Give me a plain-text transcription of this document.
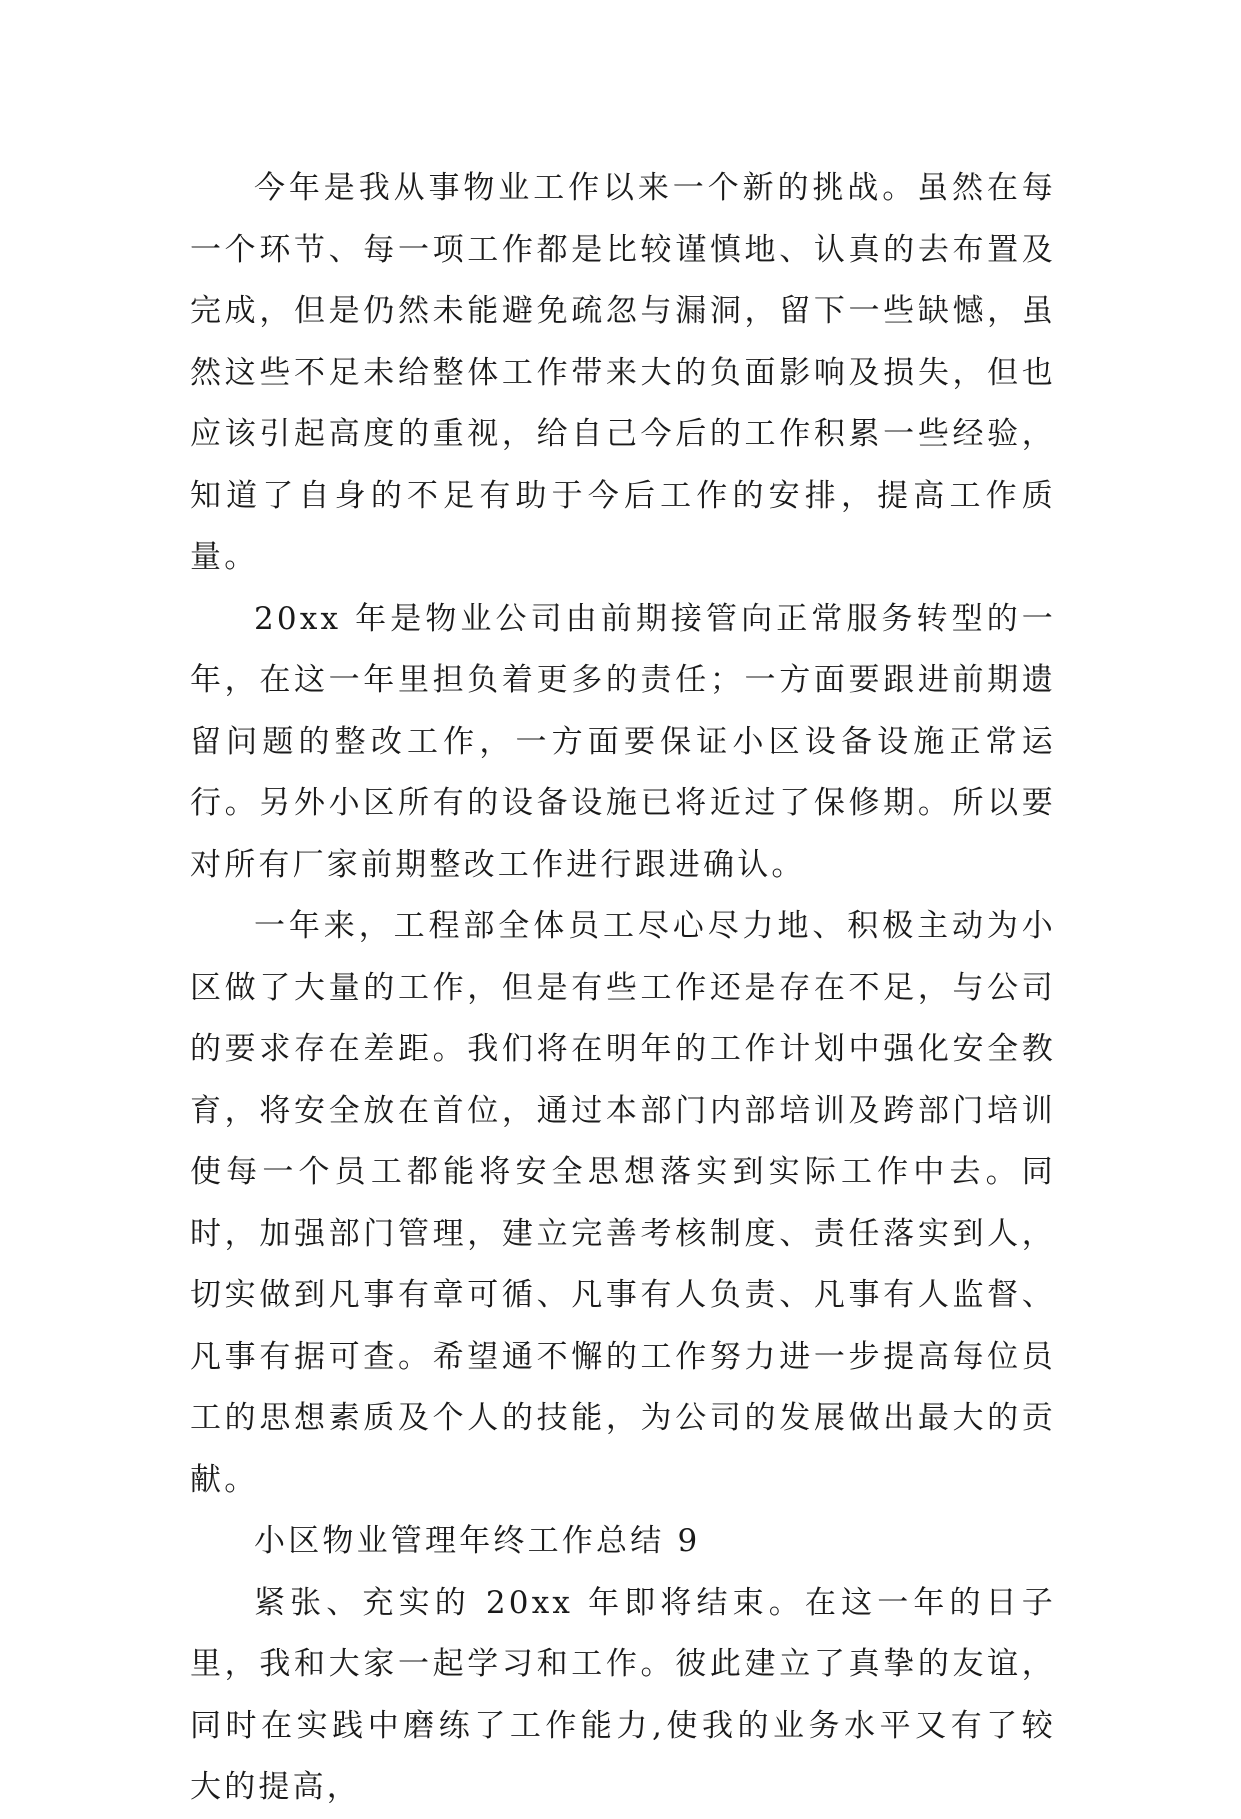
今年是我从事物业工作以来一个新的挑战。虽然在每一个环节、每一项工作都是比较谨慎地、认真的去布置及完成，但是仍然未能避免疏忽与漏洞，留下一些缺憾，虽然这些不足未给整体工作带来大的负面影响及损失，但也应该引起高度的重视，给自己今后的工作积累一些经验，知道了自身的不足有助于今后工作的安排，提高工作质量。

20xx 年是物业公司由前期接管向正常服务转型的一年，在这一年里担负着更多的责任；一方面要跟进前期遗留问题的整改工作，一方面要保证小区设备设施正常运行。另外小区所有的设备设施已将近过了保修期。所以要对所有厂家前期整改工作进行跟进确认。

一年来，工程部全体员工尽心尽力地、积极主动为小区做了大量的工作，但是有些工作还是存在不足，与公司的要求存在差距。我们将在明年的工作计划中强化安全教育，将安全放在首位，通过本部门内部培训及跨部门培训使每一个员工都能将安全思想落实到实际工作中去。同时，加强部门管理，建立完善考核制度、责任落实到人，切实做到凡事有章可循、凡事有人负责、凡事有人监督、凡事有据可查。希望通不懈的工作努力进一步提高每位员工的思想素质及个人的技能，为公司的发展做出最大的贡献。

小区物业管理年终工作总结 9

紧张、充实的 20xx 年即将结束。在这一年的日子里，我和大家一起学习和工作。彼此建立了真挚的友谊，同时在实践中磨练了工作能力,使我的业务水平又有了较大的提高，
